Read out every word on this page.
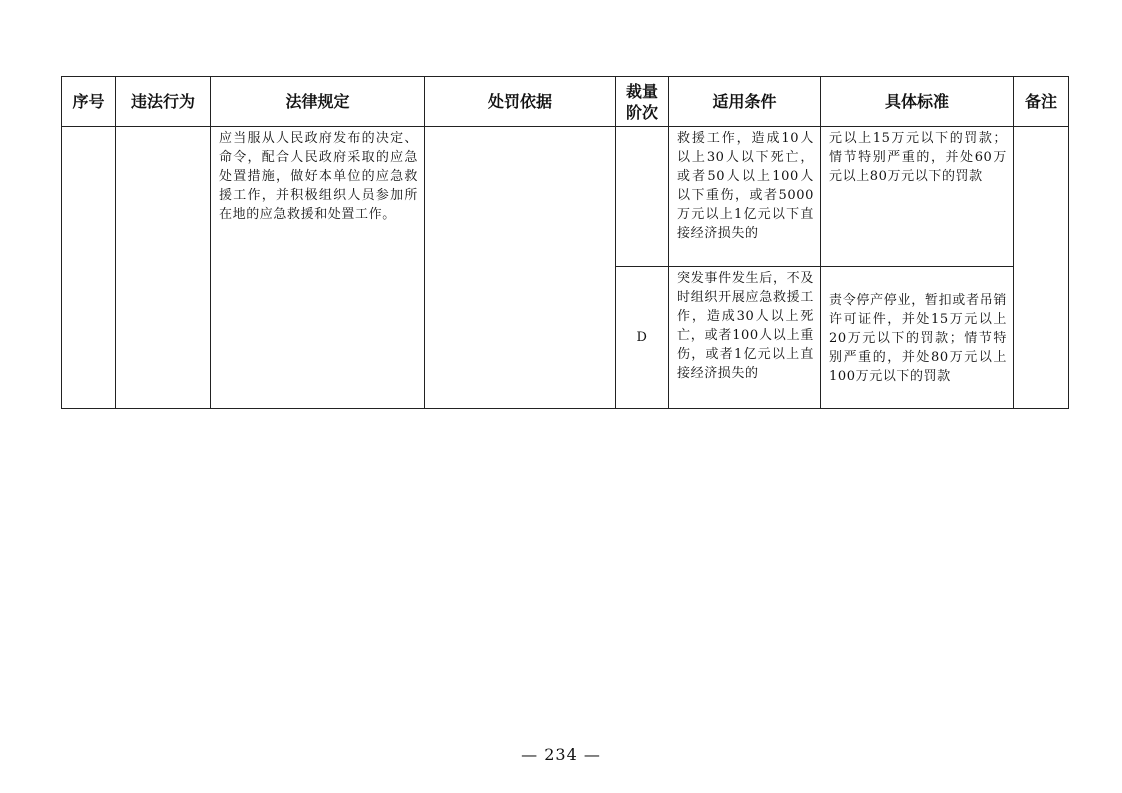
序号	违法行为	法律规定	处罚依据	裁量阶次	适用条件	具体标准	备注

		应当服从人民政府发布的决定、命令，配合人民政府采取的应急处置措施，做好本单位的应急救援工作，并积极组织人员参加所在地的应急救援和处置工作。			救援工作，造成10人以上30人以下死亡，或者50人以上100人以下重伤，或者5000万元以上1亿元以下直接经济损失的	元以上15万元以下的罚款；情节特别严重的，并处60万元以上80万元以下的罚款	

				D	突发事件发生后，不及时组织开展应急救援工作，造成30人以上死亡，或者100人以上重伤，或者1亿元以上直接经济损失的	责令停产停业，暂扣或者吊销许可证件，并处15万元以上20万元以下的罚款；情节特别严重的，并处80万元以上100万元以下的罚款	
— 234 —
